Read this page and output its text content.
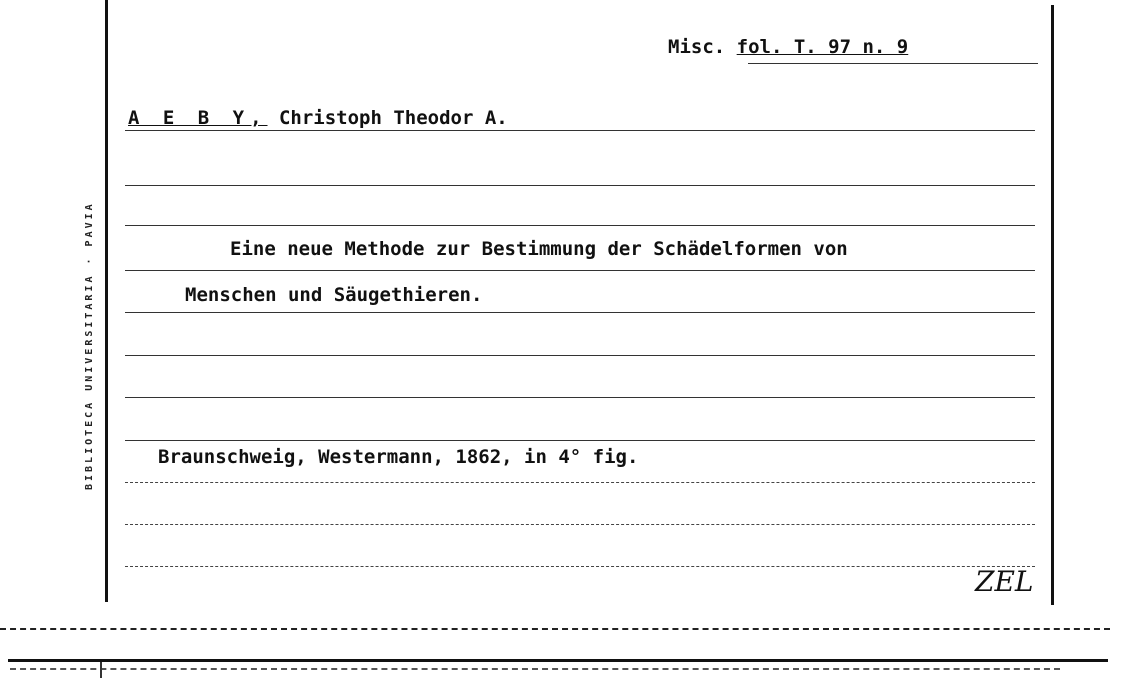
BIBLIOTECA UNIVERSITARIA · PAVIA
Misc. fol. T. 97 n. 9
A E B Y, Christoph Theodor A.
Eine neue Methode zur Bestimmung der Schädelformen von
Menschen und Säugethieren.
Braunschweig, Westermann, 1862, in 4° fig.
ZEL
